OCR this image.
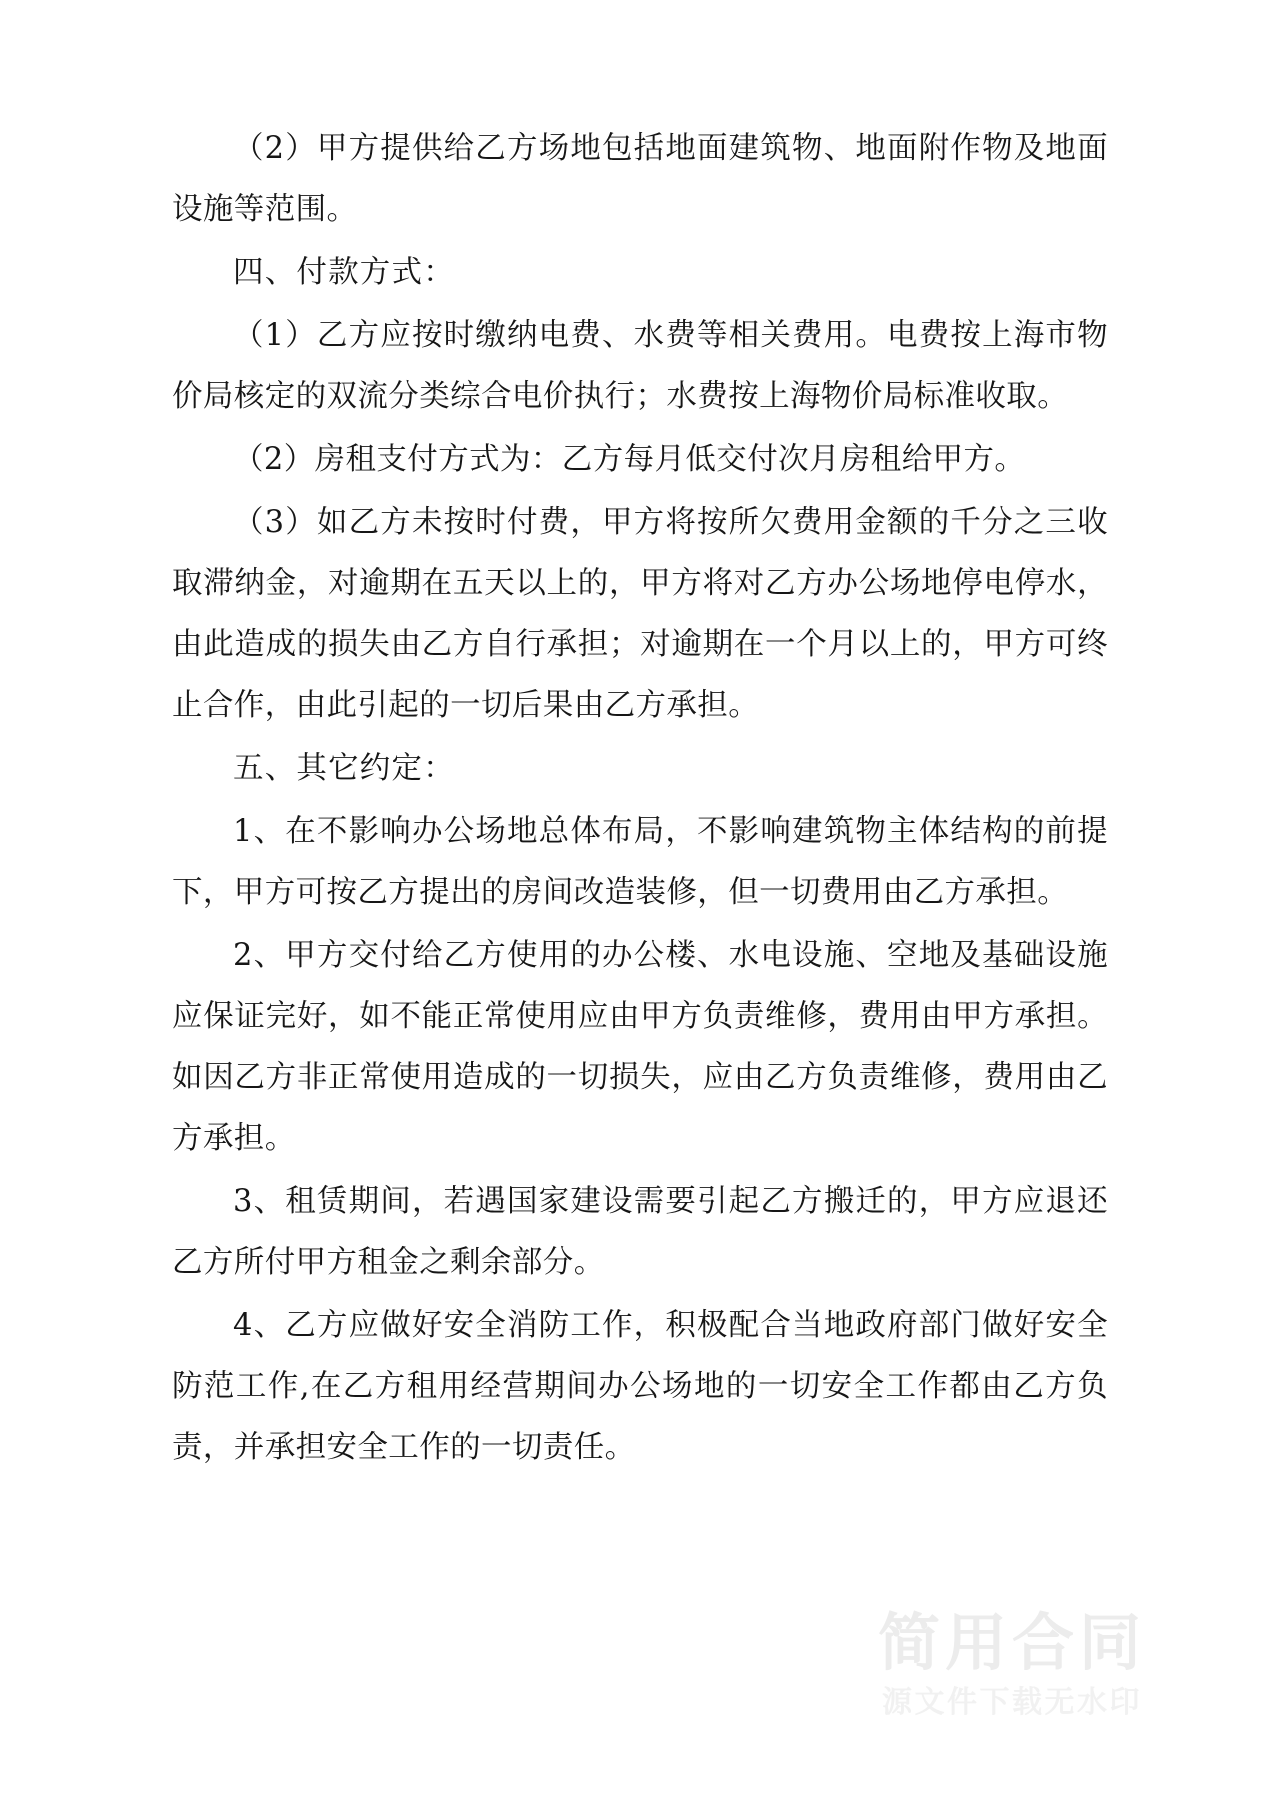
（2）甲方提供给乙方场地包括地面建筑物、地面附作物及地面设施等范围。

四、付款方式：

（1）乙方应按时缴纳电费、水费等相关费用。电费按上海市物价局核定的双流分类综合电价执行；水费按上海物价局标准收取。

（2）房租支付方式为：乙方每月低交付次月房租给甲方。

（3）如乙方未按时付费，甲方将按所欠费用金额的千分之三收取滞纳金，对逾期在五天以上的，甲方将对乙方办公场地停电停水，由此造成的损失由乙方自行承担；对逾期在一个月以上的，甲方可终止合作，由此引起的一切后果由乙方承担。

五、其它约定：

1、在不影响办公场地总体布局，不影响建筑物主体结构的前提下，甲方可按乙方提出的房间改造装修，但一切费用由乙方承担。

2、甲方交付给乙方使用的办公楼、水电设施、空地及基础设施应保证完好，如不能正常使用应由甲方负责维修，费用由甲方承担。如因乙方非正常使用造成的一切损失，应由乙方负责维修，费用由乙方承担。

3、租赁期间，若遇国家建设需要引起乙方搬迁的，甲方应退还乙方所付甲方租金之剩余部分。

4、乙方应做好安全消防工作，积极配合当地政府部门做好安全防范工作,在乙方租用经营期间办公场地的一切安全工作都由乙方负责，并承担安全工作的一切责任。

简用合同
源文件下载无水印
